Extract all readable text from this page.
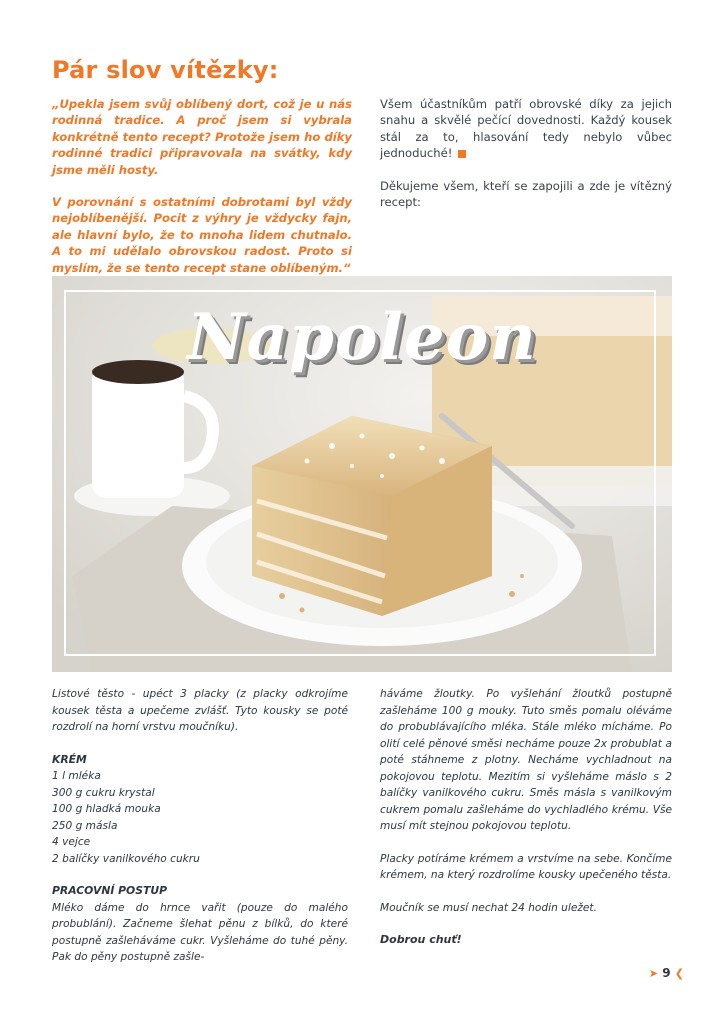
Pár slov vítězky:

„Upekla jsem svůj oblíbený dort, což je u nás rodinná tradice. A proč jsem si vybrala konkrétně tento recept? Protože jsem ho díky rodinné tradici připravovala na svátky, kdy jsme měli hosty.

V porovnání s ostatními dobrotami byl vždy nejoblíbenější. Pocit z výhry je vždycky fajn, ale hlavní bylo, že to mnoha lidem chutnalo. A to mi udělalo obrovskou radost. Proto si myslím, že se tento recept stane oblíbeným.“

Všem účastníkům patří obrovské díky za jejich snahu a skvělé pečící dovednosti. Každý kousek stál za to, hlasování tedy nebylo vůbec jednoduché!

Děkujeme všem, kteří se zapojili a zde je vítězný recept:

Napoleon

Listové těsto - upéct 3 placky (z placky odkrojíme kousek těsta a upečeme zvlášť. Tyto kousky se poté rozdrolí na horní vrstvu moučníku).

KRÉM
1 l mléka
300 g cukru krystal
100 g hladká mouka
250 g másla
4 vejce
2 balíčky vanilkového cukru
PRACOVNÍ POSTUP

Mléko dáme do hrnce vařit (pouze do malého probublání). Začneme šlehat pěnu z bílků, do které postupně zašleháváme cukr. Vyšleháme do tuhé pěny. Pak do pěny postupně zašle-

háváme žloutky. Po vyšlehání žloutků postupně zašleháme 100 g mouky. Tuto směs pomalu oléváme do probublávajícího mléka. Stále mléko mícháme. Po olití celé pěnové směsi necháme pouze 2x probublat a poté stáhneme z plotny. Necháme vychladnout na pokojovou teplotu. Mezitím si vyšleháme máslo s 2 balíčky vanilkového cukru. Směs másla s vanilkovým cukrem pomalu zašleháme do vychladlého krému. Vše musí mít stejnou pokojovou teplotu.

Placky potíráme krémem a vrstvíme na sebe. Končíme krémem, na který rozdrolíme kousky upečeného těsta.

Moučník se musí nechat 24 hodin uležet.

Dobrou chuť!

➤ 9 ❮
